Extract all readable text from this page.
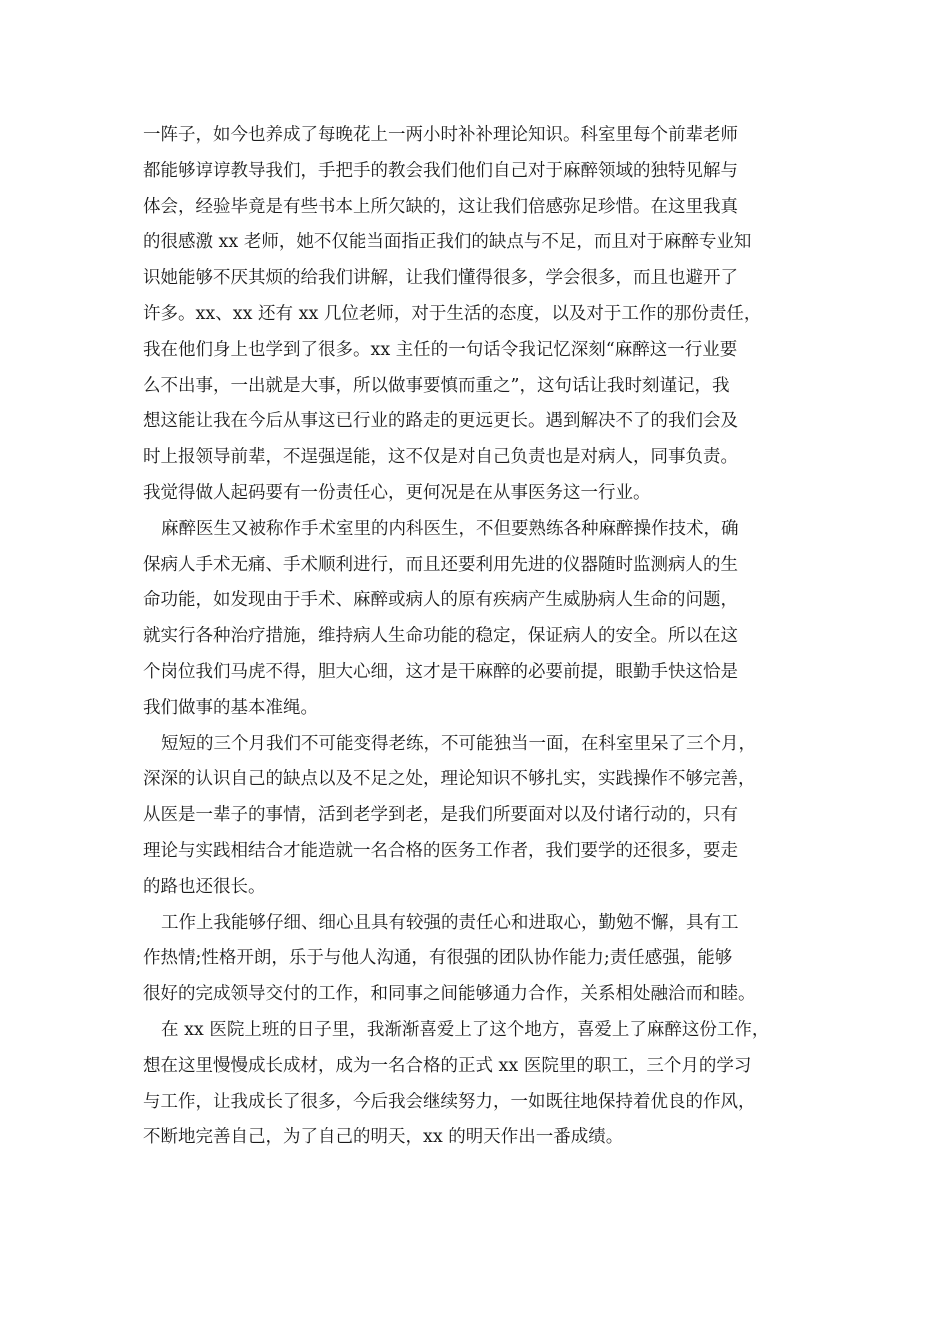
一阵子，如今也养成了每晚花上一两小时补补理论知识。科室里每个前辈老师
都能够谆谆教导我们，手把手的教会我们他们自己对于麻醉领域的独特见解与
体会，经验毕竟是有些书本上所欠缺的，这让我们倍感弥足珍惜。在这里我真
的很感激 xx 老师，她不仅能当面指正我们的缺点与不足，而且对于麻醉专业知
识她能够不厌其烦的给我们讲解，让我们懂得很多，学会很多，而且也避开了
许多。xx、xx 还有 xx 几位老师，对于生活的态度，以及对于工作的那份责任，
我在他们身上也学到了很多。xx 主任的一句话令我记忆深刻“麻醉这一行业要
么不出事，一出就是大事，所以做事要慎而重之”，这句话让我时刻谨记，我
想这能让我在今后从事这已行业的路走的更远更长。遇到解决不了的我们会及
时上报领导前辈，不逞强逞能，这不仅是对自己负责也是对病人，同事负责。
我觉得做人起码要有一份责任心，更何况是在从事医务这一行业。
麻醉医生又被称作手术室里的内科医生，不但要熟练各种麻醉操作技术，确
保病人手术无痛、手术顺利进行，而且还要利用先进的仪器随时监测病人的生
命功能，如发现由于手术、麻醉或病人的原有疾病产生威胁病人生命的问题，
就实行各种治疗措施，维持病人生命功能的稳定，保证病人的安全。所以在这
个岗位我们马虎不得，胆大心细，这才是干麻醉的必要前提，眼勤手快这恰是
我们做事的基本准绳。
短短的三个月我们不可能变得老练，不可能独当一面，在科室里呆了三个月，
深深的认识自己的缺点以及不足之处，理论知识不够扎实，实践操作不够完善，
从医是一辈子的事情，活到老学到老，是我们所要面对以及付诸行动的，只有
理论与实践相结合才能造就一名合格的医务工作者，我们要学的还很多，要走
的路也还很长。
工作上我能够仔细、细心且具有较强的责任心和进取心，勤勉不懈，具有工
作热情;性格开朗，乐于与他人沟通，有很强的团队协作能力;责任感强，能够
很好的完成领导交付的工作，和同事之间能够通力合作，关系相处融洽而和睦。
在 xx 医院上班的日子里，我渐渐喜爱上了这个地方，喜爱上了麻醉这份工作，
想在这里慢慢成长成材，成为一名合格的正式 xx 医院里的职工，三个月的学习
与工作，让我成长了很多，今后我会继续努力，一如既往地保持着优良的作风，
不断地完善自己，为了自己的明天，xx 的明天作出一番成绩。
